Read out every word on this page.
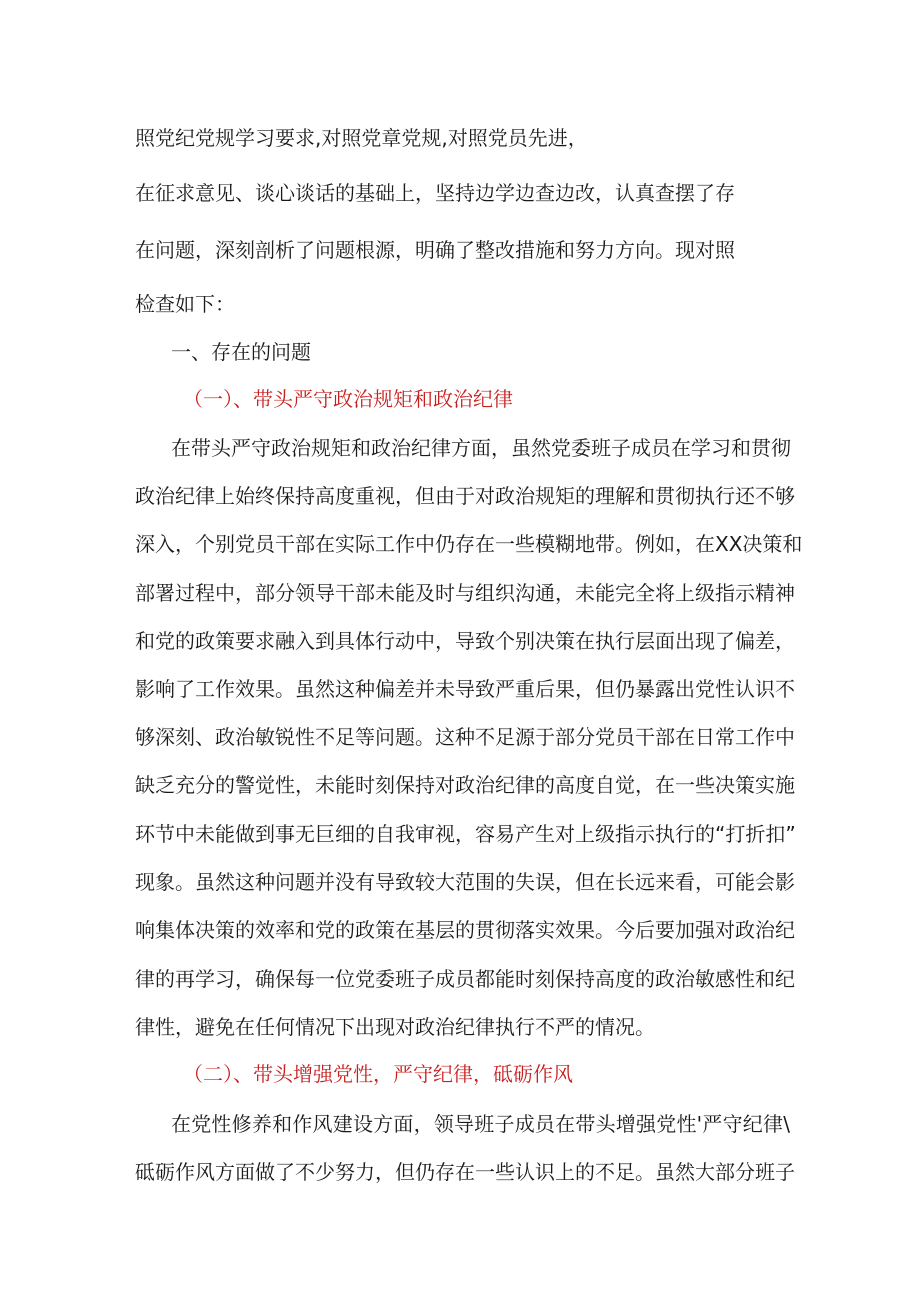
照党纪党规学习要求,对照党章党规,对照党员先进，
在征求意见、谈心谈话的基础上，坚持边学边查边改，认真查摆了存
在问题，深刻剖析了问题根源，明确了整改措施和努力方向。现对照
检查如下：
一、存在的问题
（一）、带头严守政治规矩和政治纪律
在带头严守政治规矩和政治纪律方面，虽然党委班子成员在学习和贯彻
政治纪律上始终保持高度重视，但由于对政治规矩的理解和贯彻执行还不够
深入，个别党员干部在实际工作中仍存在一些模糊地带。例如，在XX决策和
部署过程中，部分领导干部未能及时与组织沟通，未能完全将上级指示精神
和党的政策要求融入到具体行动中，导致个别决策在执行层面出现了偏差，
影响了工作效果。虽然这种偏差并未导致严重后果，但仍暴露出党性认识不
够深刻、政治敏锐性不足等问题。这种不足源于部分党员干部在日常工作中
缺乏充分的警觉性，未能时刻保持对政治纪律的高度自觉，在一些决策实施
环节中未能做到事无巨细的自我审视，容易产生对上级指示执行的“打折扣”
现象。虽然这种问题并没有导致较大范围的失误，但在长远来看，可能会影
响集体决策的效率和党的政策在基层的贯彻落实效果。今后要加强对政治纪
律的再学习，确保每一位党委班子成员都能时刻保持高度的政治敏感性和纪
律性，避免在任何情况下出现对政治纪律执行不严的情况。
（二）、带头增强党性，严守纪律，砥砺作风
在党性修养和作风建设方面，领导班子成员在带头增强党性'严守纪律\
砥砺作风方面做了不少努力，但仍存在一些认识上的不足。虽然大部分班子
